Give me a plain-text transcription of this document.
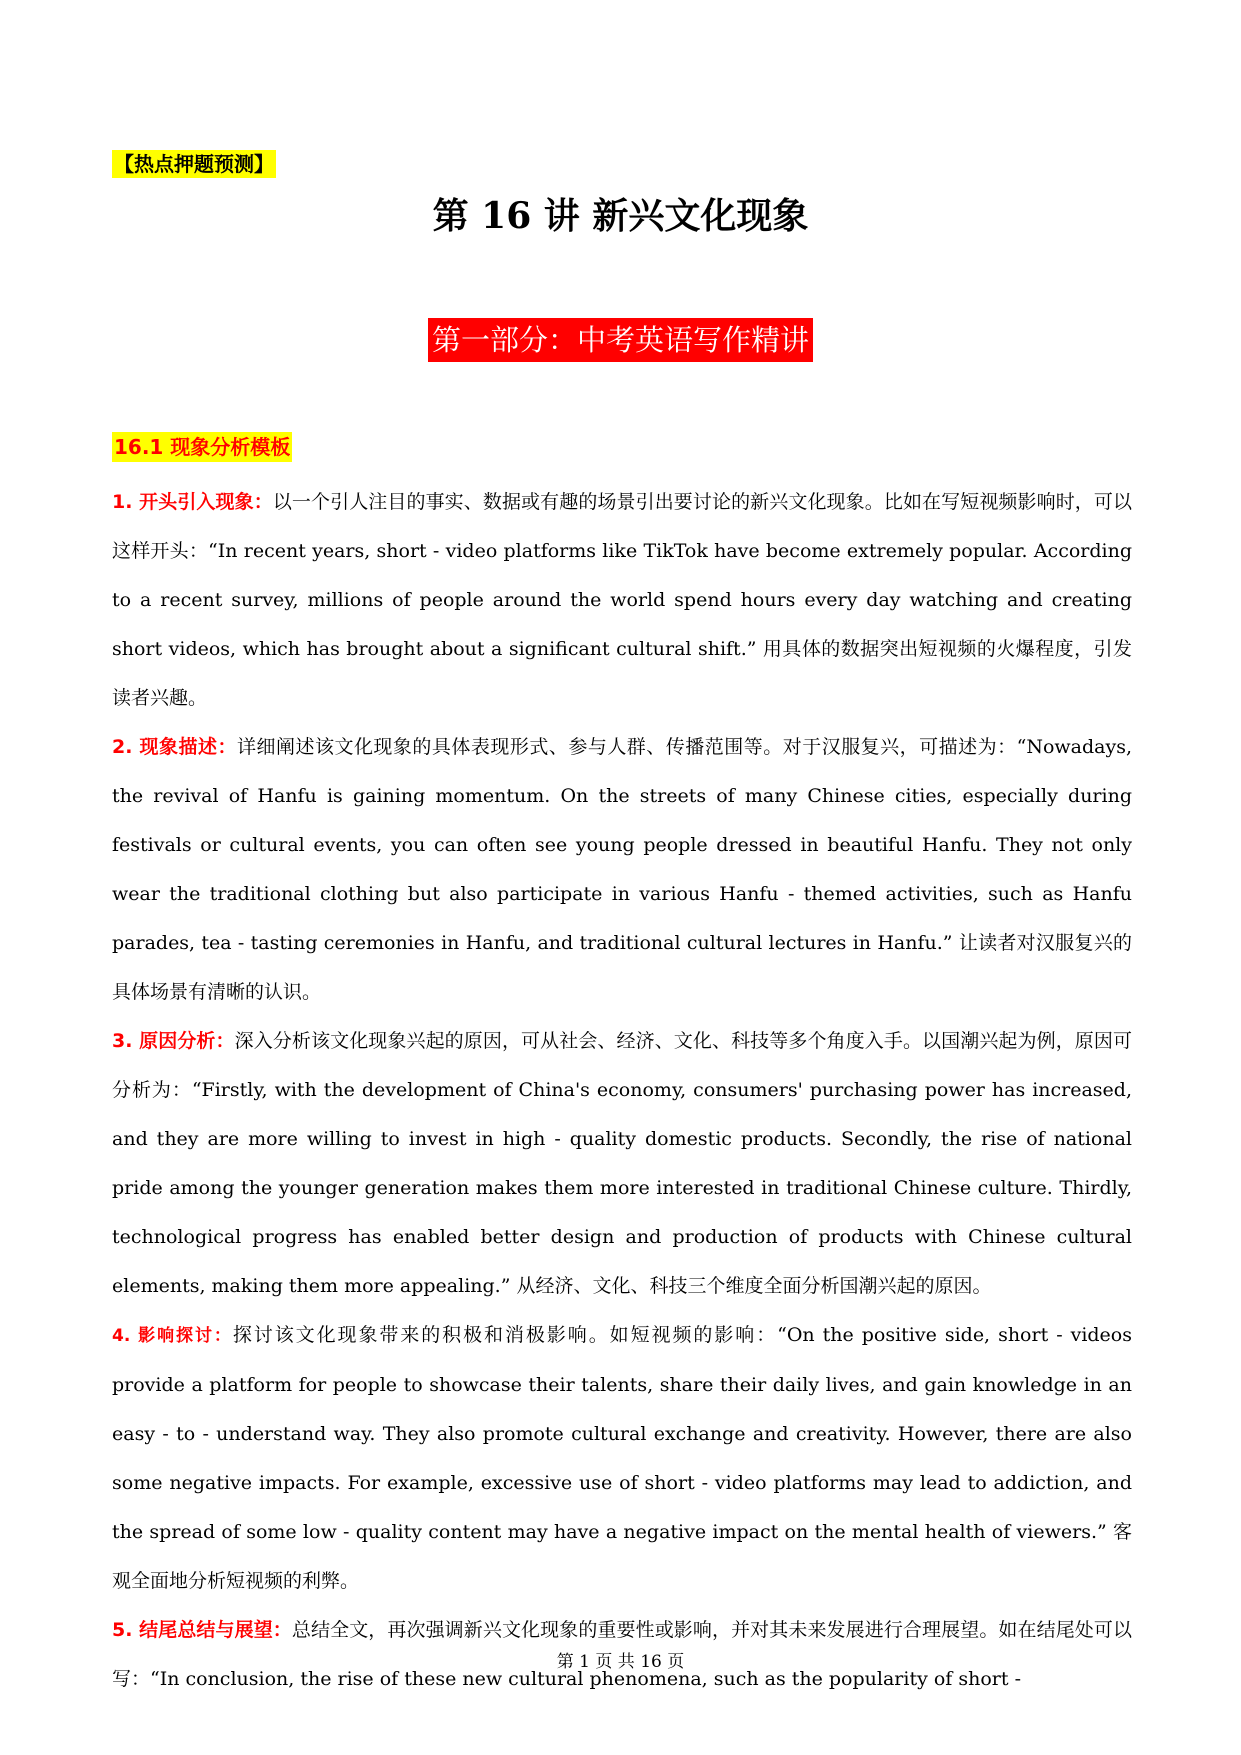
【热点押题预测】
第 16 讲 新兴文化现象
第一部分：中考英语写作精讲
16.1 现象分析模板

1. 开头引入现象：以一个引人注目的事实、数据或有趣的场景引出要讨论的新兴文化现象。比如在写短视频影响时，可以这样开头：“In recent years, short - video platforms like TikTok have become extremely popular. According to a recent survey, millions of people around the world spend hours every day watching and creating short videos, which has brought about a significant cultural shift.” 用具体的数据突出短视频的火爆程度，引发读者兴趣。

2. 现象描述：详细阐述该文化现象的具体表现形式、参与人群、传播范围等。对于汉服复兴，可描述为：“Nowadays, the revival of Hanfu is gaining momentum. On the streets of many Chinese cities, especially during festivals or cultural events, you can often see young people dressed in beautiful Hanfu. They not only wear the traditional clothing but also participate in various Hanfu - themed activities, such as Hanfu parades, tea - tasting ceremonies in Hanfu, and traditional cultural lectures in Hanfu.” 让读者对汉服复兴的具体场景有清晰的认识。

3. 原因分析：深入分析该文化现象兴起的原因，可从社会、经济、文化、科技等多个角度入手。以国潮兴起为例，原因可分析为：“Firstly, with the development of China's economy, consumers' purchasing power has increased, and they are more willing to invest in high - quality domestic products. Secondly, the rise of national pride among the younger generation makes them more interested in traditional Chinese culture. Thirdly, technological progress has enabled better design and production of products with Chinese cultural elements, making them more appealing.” 从经济、文化、科技三个维度全面分析国潮兴起的原因。

4. 影响探讨：探讨该文化现象带来的积极和消极影响。如短视频的影响：“On the positive side, short - videos provide a platform for people to showcase their talents, share their daily lives, and gain knowledge in an easy - to - understand way. They also promote cultural exchange and creativity. However, there are also some negative impacts. For example, excessive use of short - video platforms may lead to addiction, and the spread of some low - quality content may have a negative impact on the mental health of viewers.” 客观全面地分析短视频的利弊。

5. 结尾总结与展望：总结全文，再次强调新兴文化现象的重要性或影响，并对其未来发展进行合理展望。如在结尾处可以写：“In conclusion, the rise of these new cultural phenomena, such as the popularity of short -

第 1 页 共 16 页
